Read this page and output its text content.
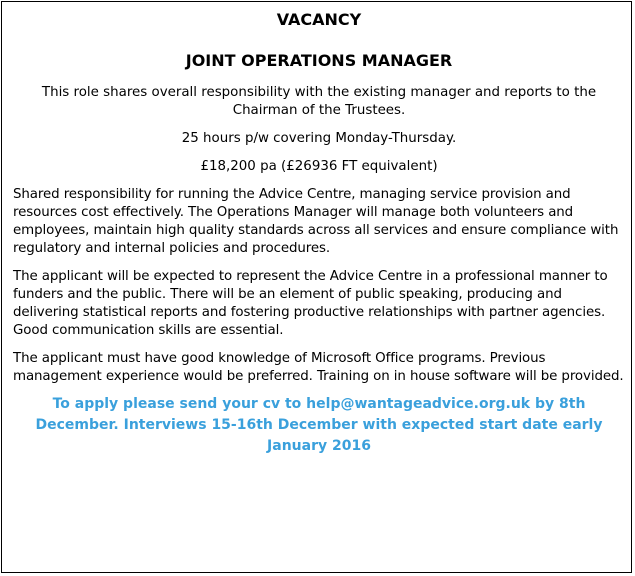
VACANCY
JOINT OPERATIONS MANAGER

This role shares overall responsibility with the existing manager and reports to the Chairman of the Trustees.

25 hours p/w covering Monday-Thursday.

£18,200 pa (£26936 FT equivalent)

Shared responsibility for running the Advice Centre, managing service provision and resources cost effectively. The Operations Manager will manage both volunteers and employees, maintain high quality standards across all services and ensure compliance with regulatory and internal policies and procedures.

The applicant will be expected to represent the Advice Centre in a professional manner to funders and the public. There will be an element of public speaking, producing and delivering statistical reports and fostering productive relationships with partner agencies. Good communication skills are essential.

The applicant must have good knowledge of Microsoft Office programs. Previous management experience would be preferred. Training on in house software will be provided.

To apply please send your cv to help@wantageadvice.org.uk by 8th December. Interviews 15-16th December with expected start date early January 2016
